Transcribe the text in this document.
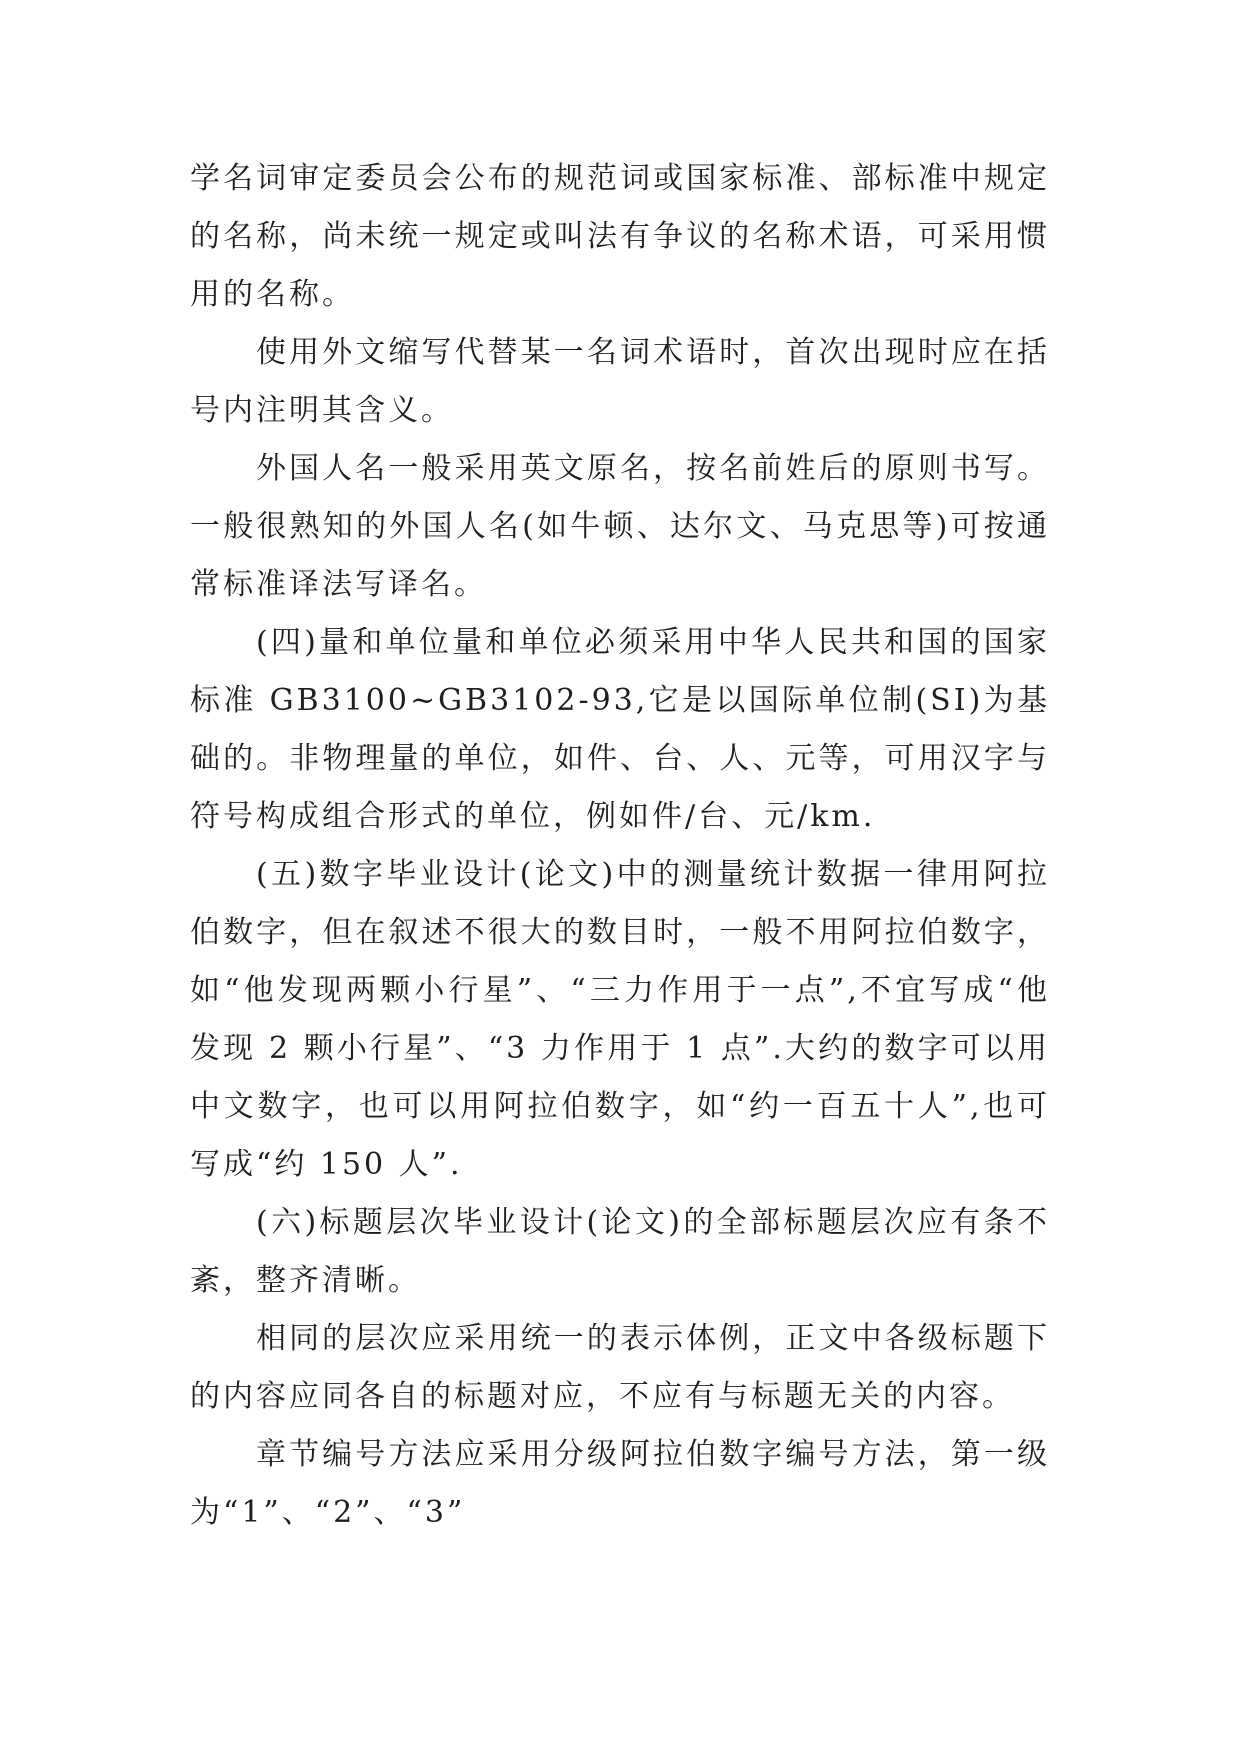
学名词审定委员会公布的规范词或国家标准、部标准中规定的名称，尚未统一规定或叫法有争议的名称术语，可采用惯用的名称。

使用外文缩写代替某一名词术语时，首次出现时应在括号内注明其含义。

外国人名一般采用英文原名，按名前姓后的原则书写。一般很熟知的外国人名(如牛顿、达尔文、马克思等)可按通常标准译法写译名。

(四)量和单位量和单位必须采用中华人民共和国的国家标准 GB3100~GB3102-93,它是以国际单位制(SI)为基础的。非物理量的单位，如件、台、人、元等，可用汉字与符号构成组合形式的单位，例如件/台、元/km.

(五)数字毕业设计(论文)中的测量统计数据一律用阿拉伯数字，但在叙述不很大的数目时，一般不用阿拉伯数字，如“他发现两颗小行星”、“三力作用于一点”,不宜写成“他发现 2 颗小行星”、“3 力作用于 1 点”.大约的数字可以用中文数字，也可以用阿拉伯数字，如“约一百五十人”,也可写成“约 150 人”.

(六)标题层次毕业设计(论文)的全部标题层次应有条不紊，整齐清晰。

相同的层次应采用统一的表示体例，正文中各级标题下的内容应同各自的标题对应，不应有与标题无关的内容。

章节编号方法应采用分级阿拉伯数字编号方法，第一级为“1”、“2”、“3”
